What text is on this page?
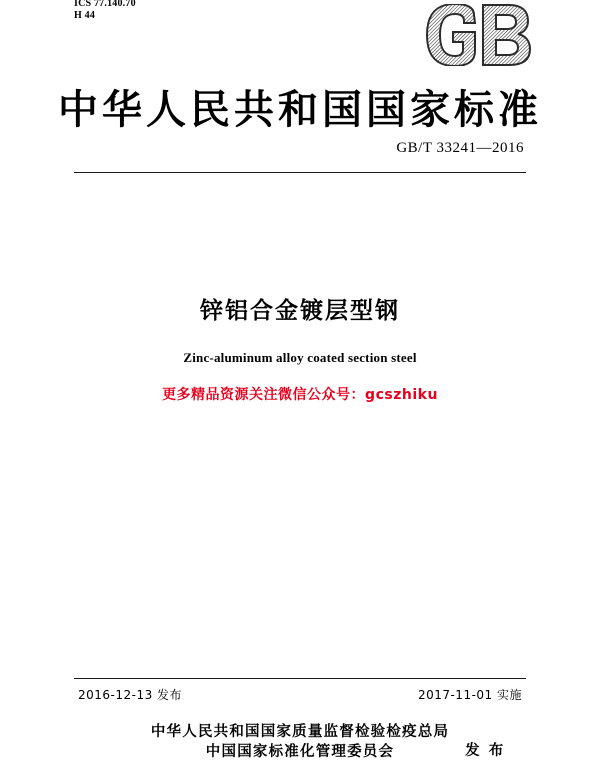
ICS 77.140.70
H 44
中华人民共和国国家标准
GB/T 33241—2016
锌铝合金镀层型钢
Zinc-aluminum alloy coated section steel
更多精品资源关注微信公众号：gcszhiku
2016-12-13 发布	2017-11-01 实施
中华人民共和国国家质量监督检验检疫总局
中国国家标准化管理委员会	发 布
